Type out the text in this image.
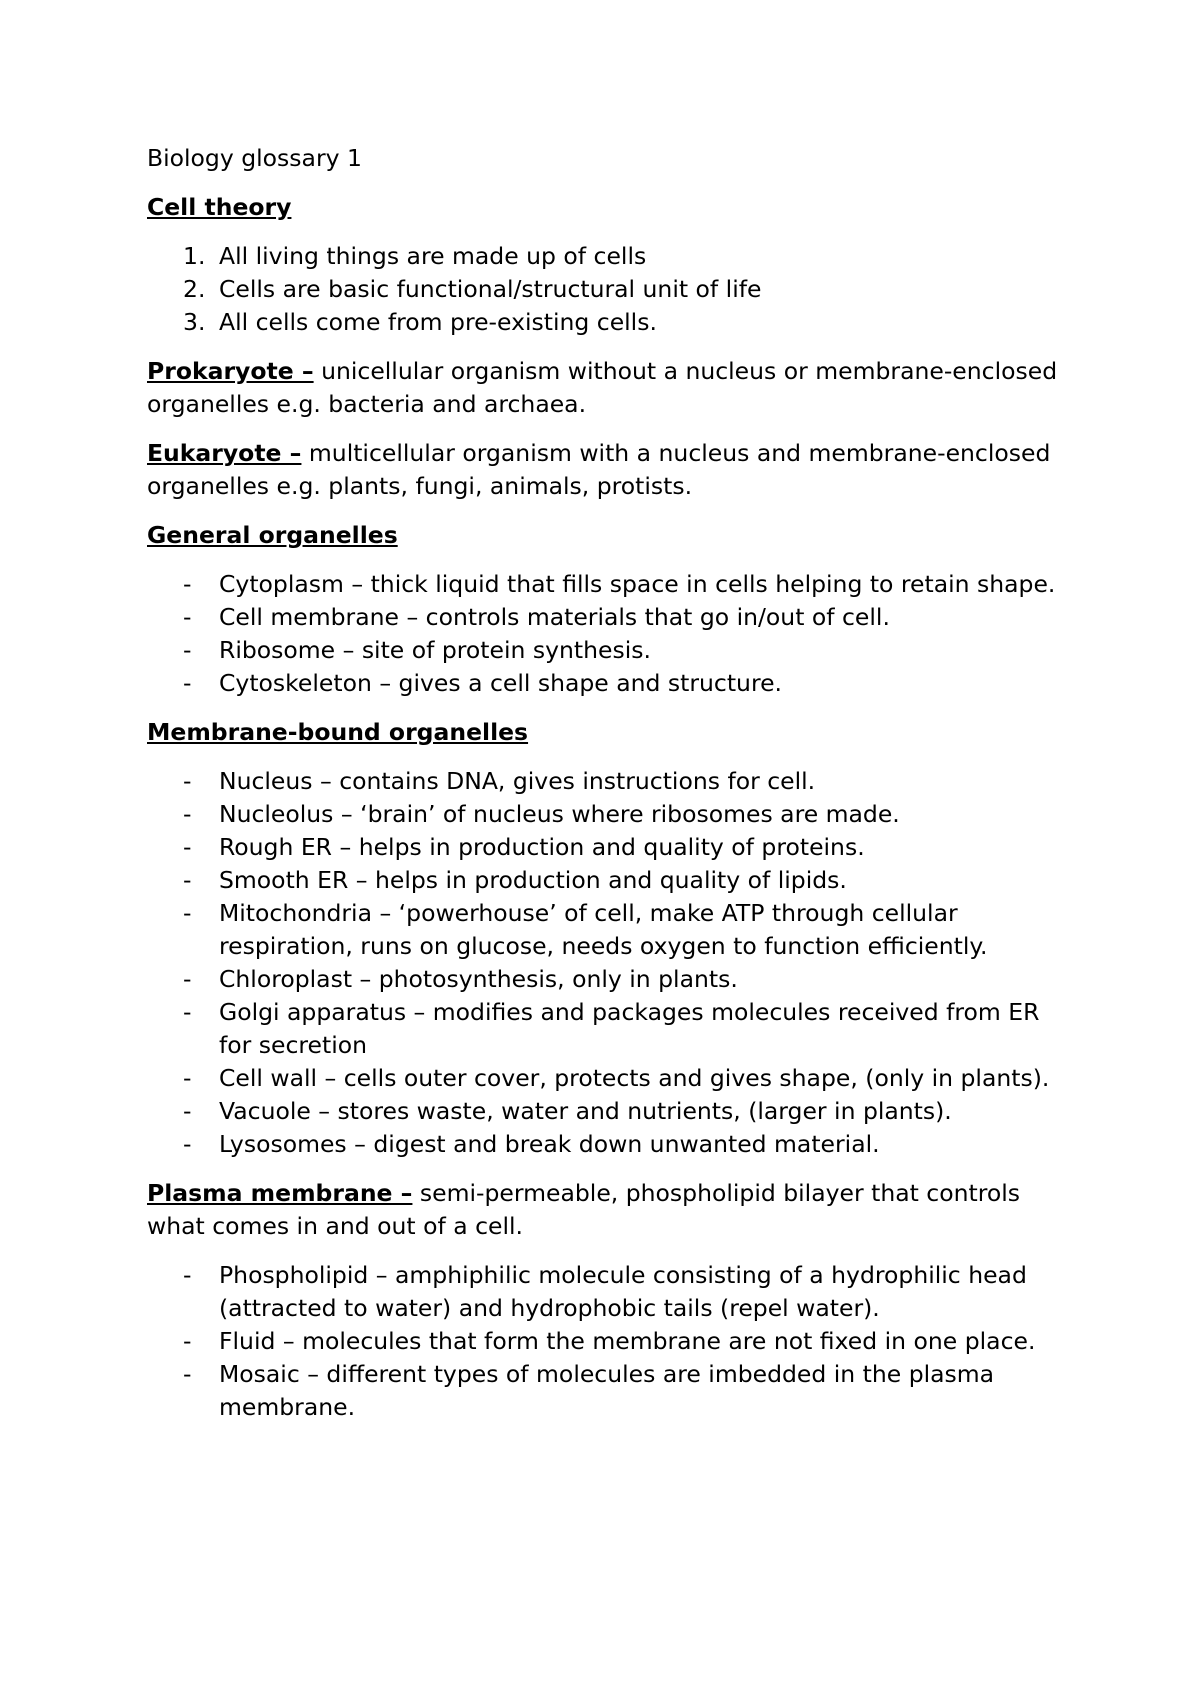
Biology glossary 1
Cell theory
1. All living things are made up of cells
2. Cells are basic functional/structural unit of life
3. All cells come from pre-existing cells.

Prokaryote – unicellular organism without a nucleus or membrane-enclosed organelles e.g. bacteria and archaea.

Eukaryote – multicellular organism with a nucleus and membrane-enclosed organelles e.g. plants, fungi, animals, protists.

General organelles
- Cytoplasm – thick liquid that fills space in cells helping to retain shape.
- Cell membrane – controls materials that go in/out of cell.
- Ribosome – site of protein synthesis.
- Cytoskeleton – gives a cell shape and structure.
Membrane-bound organelles
- Nucleus – contains DNA, gives instructions for cell.
- Nucleolus – ‘brain’ of nucleus where ribosomes are made.
- Rough ER – helps in production and quality of proteins.
- Smooth ER – helps in production and quality of lipids.
- Mitochondria – ‘powerhouse’ of cell, make ATP through cellular respiration, runs on glucose, needs oxygen to function efficiently.
- Chloroplast – photosynthesis, only in plants.
- Golgi apparatus – modifies and packages molecules received from ER for secretion
- Cell wall – cells outer cover, protects and gives shape, (only in plants).
- Vacuole – stores waste, water and nutrients, (larger in plants).
- Lysosomes – digest and break down unwanted material.

Plasma membrane – semi-permeable, phospholipid bilayer that controls what comes in and out of a cell.

- Phospholipid – amphiphilic molecule consisting of a hydrophilic head (attracted to water) and hydrophobic tails (repel water).
- Fluid – molecules that form the membrane are not fixed in one place.
- Mosaic – different types of molecules are imbedded in the plasma membrane.
